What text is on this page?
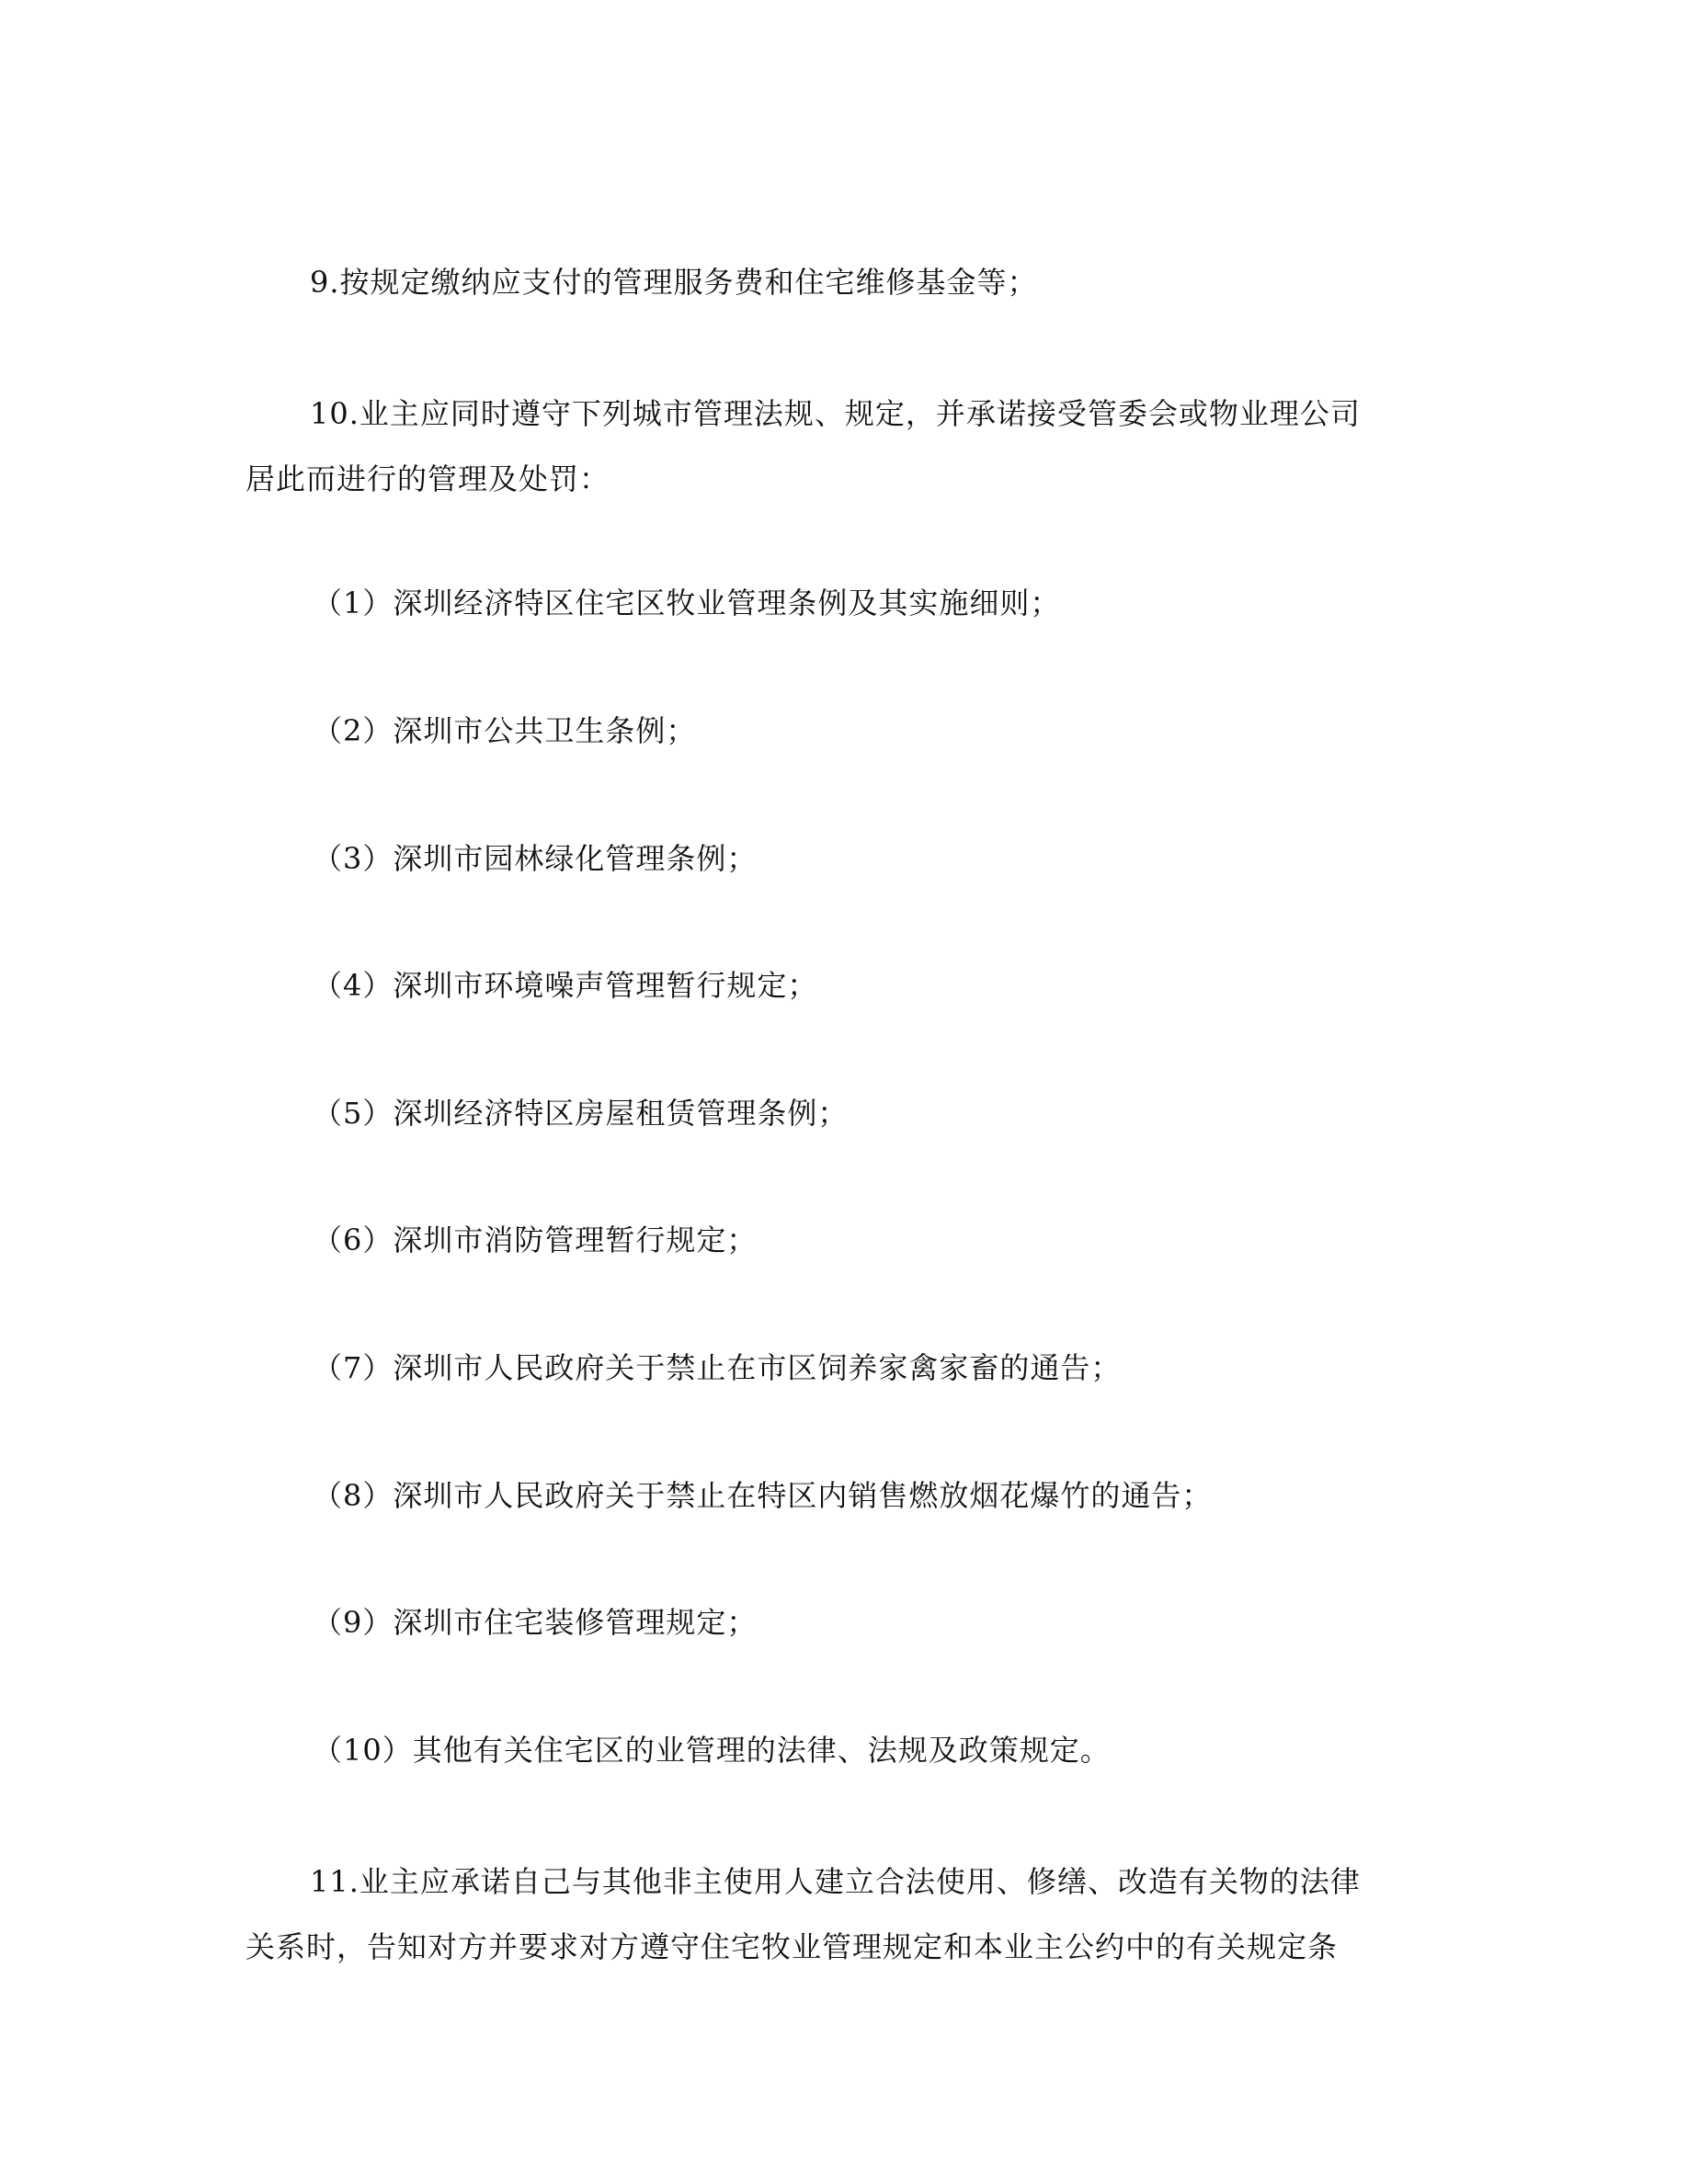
9.按规定缴纳应支付的管理服务费和住宅维修基金等；
10.业主应同时遵守下列城市管理法规、规定，并承诺接受管委会或物业理公司
居此而进行的管理及处罚：
（1）深圳经济特区住宅区牧业管理条例及其实施细则；
（2）深圳市公共卫生条例；
（3）深圳市园林绿化管理条例；
（4）深圳市环境噪声管理暂行规定；
（5）深圳经济特区房屋租赁管理条例；
（6）深圳市消防管理暂行规定；
（7）深圳市人民政府关于禁止在市区饲养家禽家畜的通告；
（8）深圳市人民政府关于禁止在特区内销售燃放烟花爆竹的通告；
（9）深圳市住宅装修管理规定；
（10）其他有关住宅区的业管理的法律、法规及政策规定。
11.业主应承诺自己与其他非主使用人建立合法使用、修缮、改造有关物的法律
关系时，告知对方并要求对方遵守住宅牧业管理规定和本业主公约中的有关规定条
